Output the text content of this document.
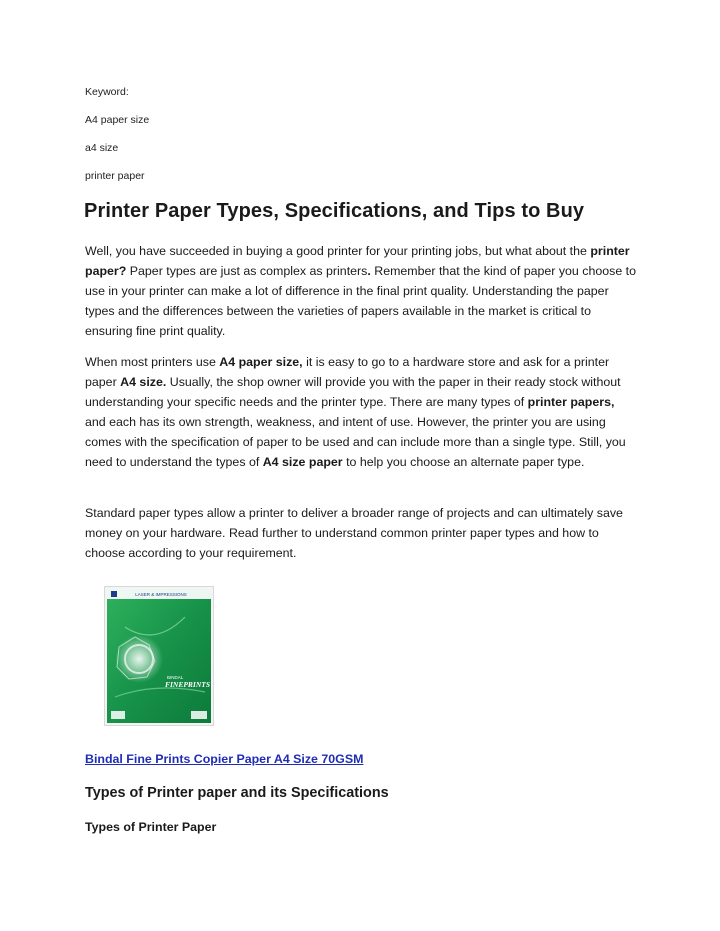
Keyword:
A4 paper size
a4 size
printer paper
Printer Paper Types, Specifications, and Tips to Buy
Well, you have succeeded in buying a good printer for your printing jobs, but what about the printer paper? Paper types are just as complex as printers. Remember that the kind of paper you choose to use in your printer can make a lot of difference in the final print quality. Understanding the paper types and the differences between the varieties of papers available in the market is critical to ensuring fine print quality.
When most printers use A4 paper size, it is easy to go to a hardware store and ask for a printer paper A4 size. Usually, the shop owner will provide you with the paper in their ready stock without understanding your specific needs and the printer type. There are many types of printer papers, and each has its own strength, weakness, and intent of use. However, the printer you are using comes with the specification of paper to be used and can include more than a single type. Still, you need to understand the types of A4 size paper to help you choose an alternate paper type.
Standard paper types allow a printer to deliver a broader range of projects and can ultimately save money on your hardware. Read further to understand common printer paper types and how to choose according to your requirement.
LASER & IMPRESSIONS
BINDAL
FINEPRINTS
Bindal Fine Prints Copier Paper A4 Size 70GSM
Types of Printer paper and its Specifications
Types of Printer Paper
